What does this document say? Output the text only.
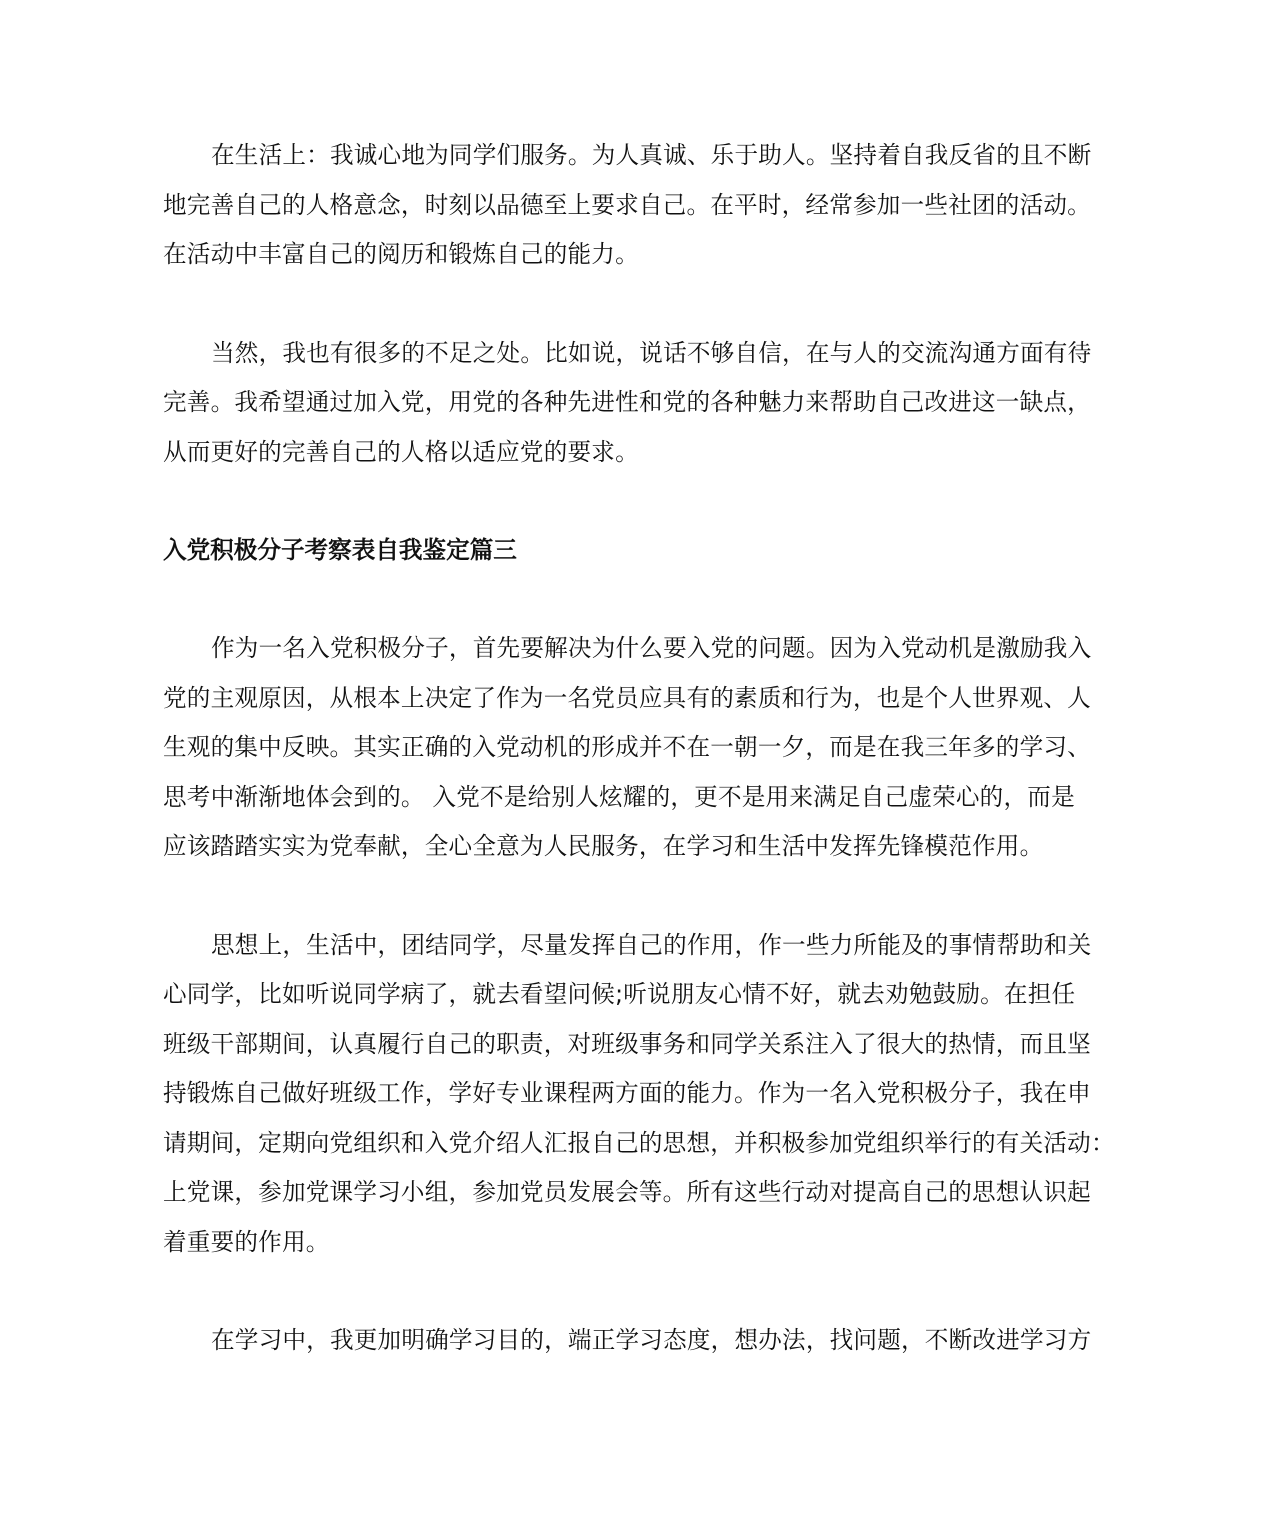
在生活上：我诚心地为同学们服务。为人真诚、乐于助人。坚持着自我反省的且不断
地完善自己的人格意念，时刻以品德至上要求自己。在平时，经常参加一些社团的活动。
在活动中丰富自己的阅历和锻炼自己的能力。
当然，我也有很多的不足之处。比如说，说话不够自信，在与人的交流沟通方面有待
完善。我希望通过加入党，用党的各种先进性和党的各种魅力来帮助自己改进这一缺点，
从而更好的完善自己的人格以适应党的要求。
入党积极分子考察表自我鉴定篇三
作为一名入党积极分子，首先要解决为什么要入党的问题。因为入党动机是激励我入
党的主观原因，从根本上决定了作为一名党员应具有的素质和行为，也是个人世界观、人
生观的集中反映。其实正确的入党动机的形成并不在一朝一夕，而是在我三年多的学习、
思考中渐渐地体会到的。 入党不是给别人炫耀的，更不是用来满足自己虚荣心的，而是
应该踏踏实实为党奉献，全心全意为人民服务，在学习和生活中发挥先锋模范作用。
思想上，生活中，团结同学，尽量发挥自己的作用，作一些力所能及的事情帮助和关
心同学，比如听说同学病了，就去看望问候;听说朋友心情不好，就去劝勉鼓励。在担任
班级干部期间，认真履行自己的职责，对班级事务和同学关系注入了很大的热情，而且坚
持锻炼自己做好班级工作，学好专业课程两方面的能力。作为一名入党积极分子，我在申
请期间，定期向党组织和入党介绍人汇报自己的思想，并积极参加党组织举行的有关活动：
上党课，参加党课学习小组，参加党员发展会等。所有这些行动对提高自己的思想认识起
着重要的作用。
在学习中，我更加明确学习目的，端正学习态度，想办法，找问题，不断改进学习方
